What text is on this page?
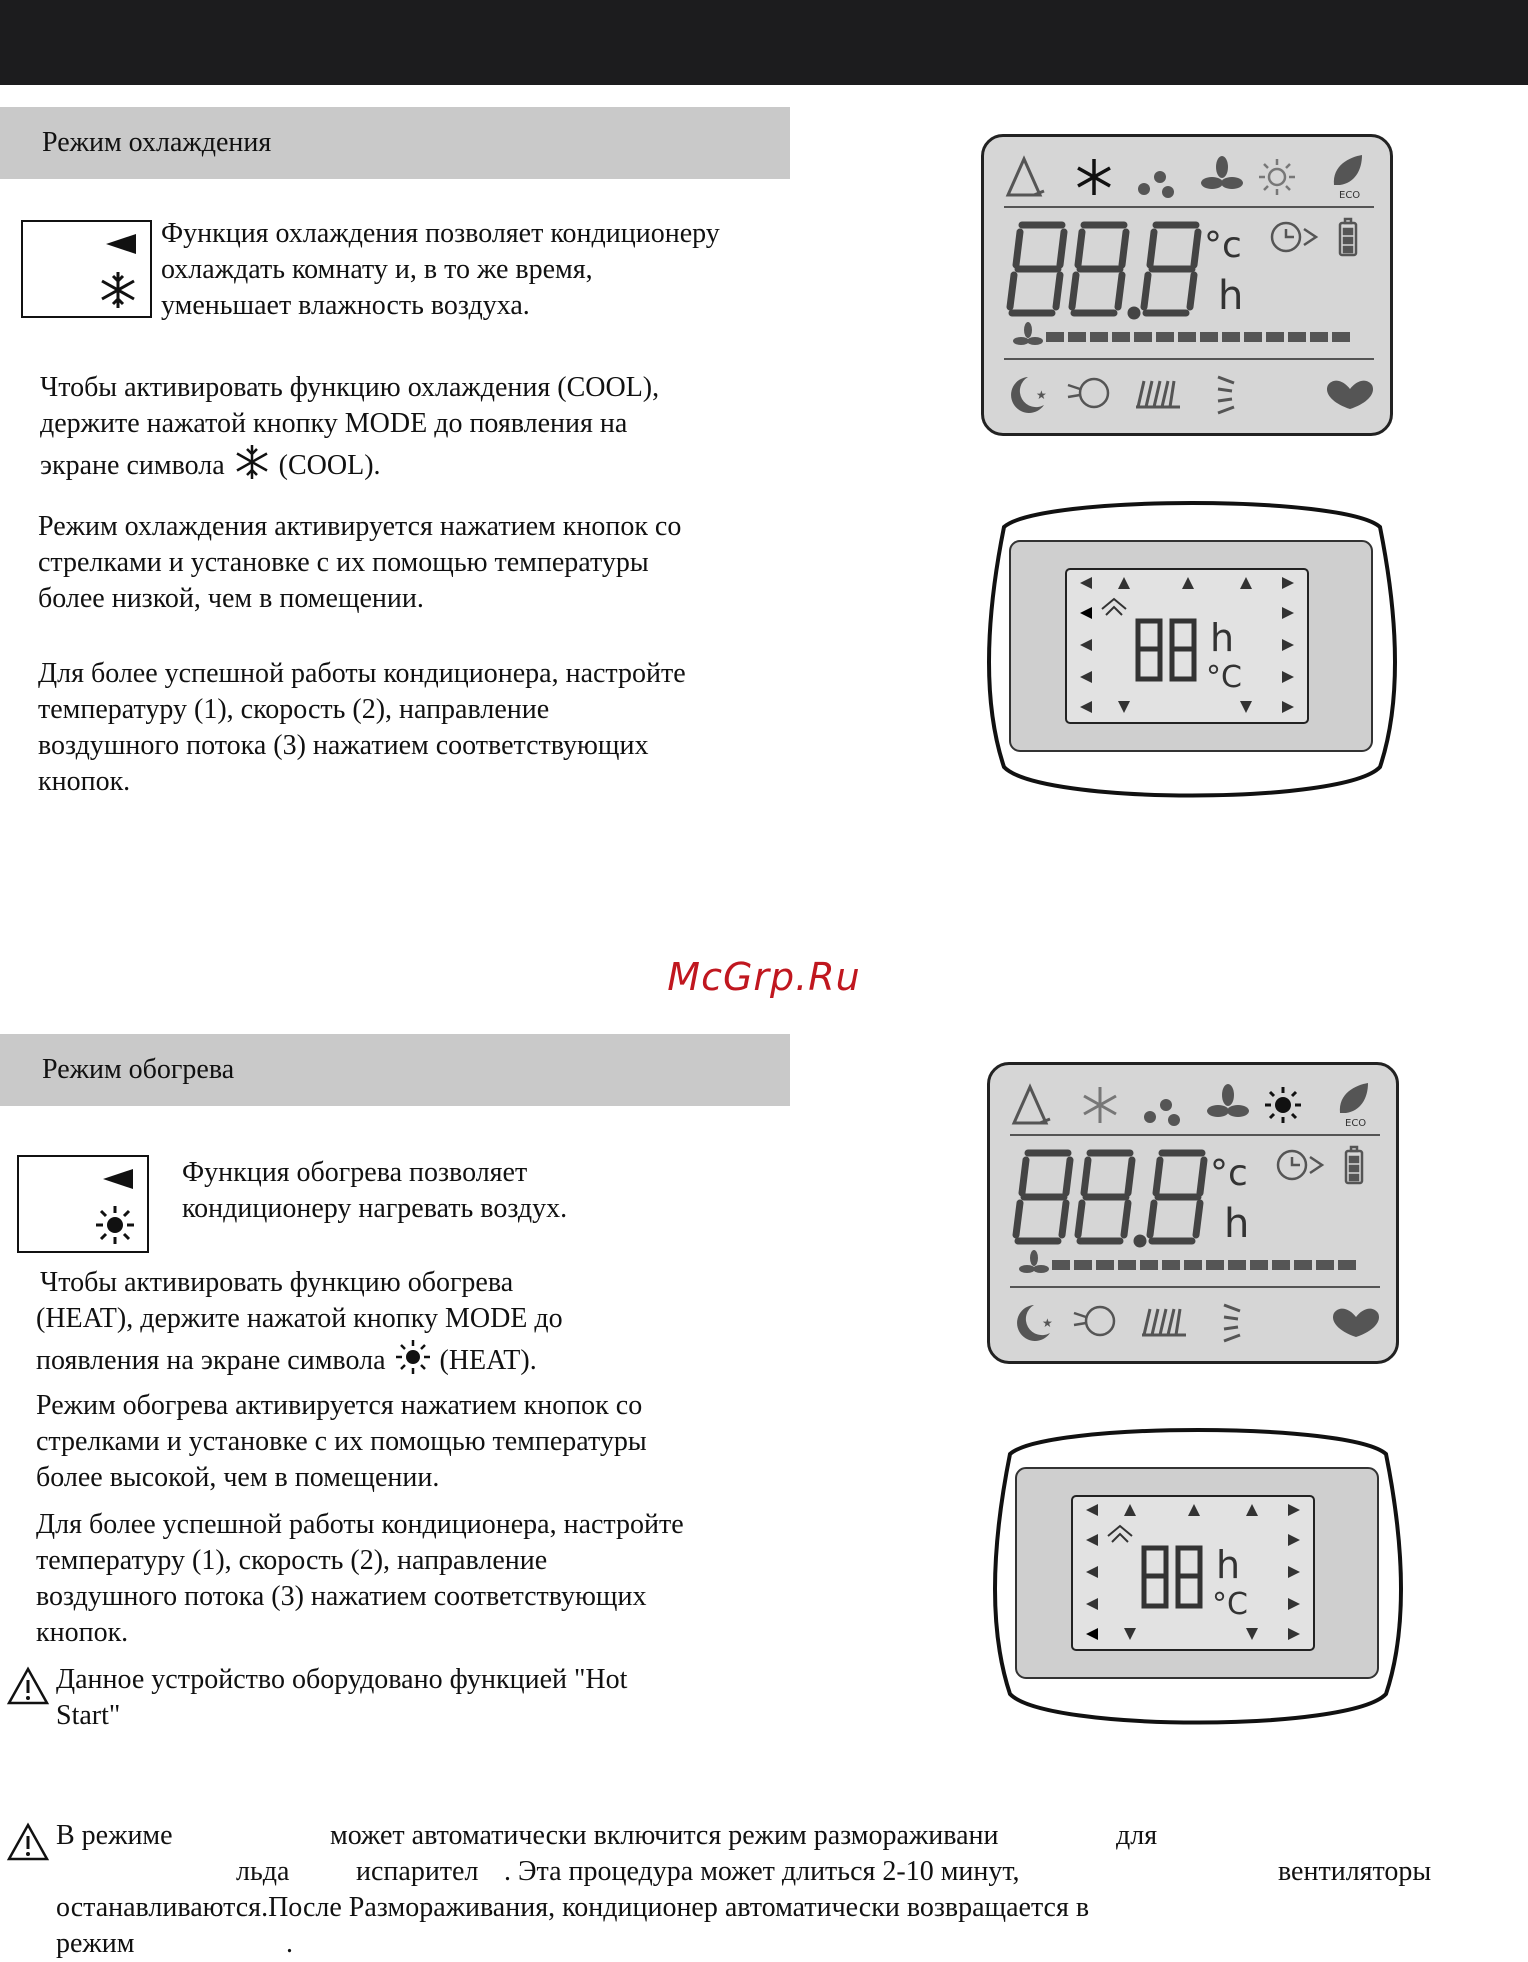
Режим охлаждения
Функция охлаждения позволяет кондиционеру
охлаждать комнату и, в то же время,
уменьшает влажность воздуха.
Чтобы активировать функцию охлаждения (COOL),
держите нажатой кнопку MODE до появления на
экране символа (COOL).
Режим охлаждения активируется нажатием кнопок со
стрелками и установке с их помощью температуры
более низкой, чем в помещении.
Для более успешной работы кондиционера, настройте
температуру (1), скорость (2), направление
воздушного потока (3) нажатием соответствующих
кнопок.
ECO
°c
h
★
h
°C
McGrp.Ru
Режим обогрева
Функция обогрева позволяет
кондиционеру нагревать воздух.
Чтобы активировать функцию обогрева
(HEAT), держите нажатой кнопку MODE до
появления на экране символа (HEAT).
Режим обогрева активируется нажатием кнопок со
стрелками и установке с их помощью температуры
более высокой, чем в помещении.
Для более успешной работы кондиционера, настройте
температуру (1), скорость (2), направление
воздушного потока (3) нажатием соответствующих
кнопок.
Данное устройство оборудовано функцией "Hot
Start"
ECO
°c
h
★
h
°C
В режиме	может автоматически включится режим размораживани	для
льда испарител . Эта процедура может длиться 2-10 минут,	вентиляторы
останавливаются.После Размораживания, кондиционер автоматически возвращается в
режим	.
